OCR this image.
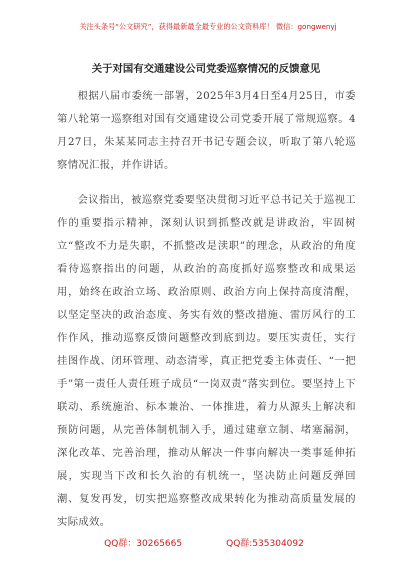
关注头条号“公文研究”，获得最新最全最专业的公文资料库！ 微信：gongwenyj
关于对国有交通建设公司党委巡察情况的反馈意见

根据八届市委统一部署，2025年3月4日至4月25日，市委第八轮第一巡察组对国有交通建设公司党委开展了常规巡察。4月27日，朱某某同志主持召开书记专题会议，听取了第八轮巡察情况汇报，并作讲话。

会议指出，被巡察党委要坚决贯彻习近平总书记关于巡视工作的重要指示精神，深刻认识到抓整改就是讲政治，牢固树立“整改不力是失职，不抓整改是渎职”的理念，从政治的角度看待巡察指出的问题，从政治的高度抓好巡察整改和成果运用，始终在政治立场、政治原则、政治方向上保持高度清醒，以坚定坚决的政治态度、务实有效的整改措施、雷厉风行的工作作风，推动巡察反馈问题整改到底到边。要压实责任，实行挂图作战、闭环管理、动态清零，真正把党委主体责任、“一把手”第一责任人责任班子成员“一岗双责”落实到位。要坚持上下联动、系统施治、标本兼治、一体推进，着力从源头上解决和预防问题，从完善体制机制入手，通过建章立制、堵塞漏洞，深化改革、完善治理，推动从解决一件事向解决一类事延伸拓展，实现当下改和长久治的有机统一，坚决防止问题反弹回潮、复发再发，切实把巡察整改成果转化为推动高质量发展的实际成效。

QQ群：30265665	QQ群:535304092
